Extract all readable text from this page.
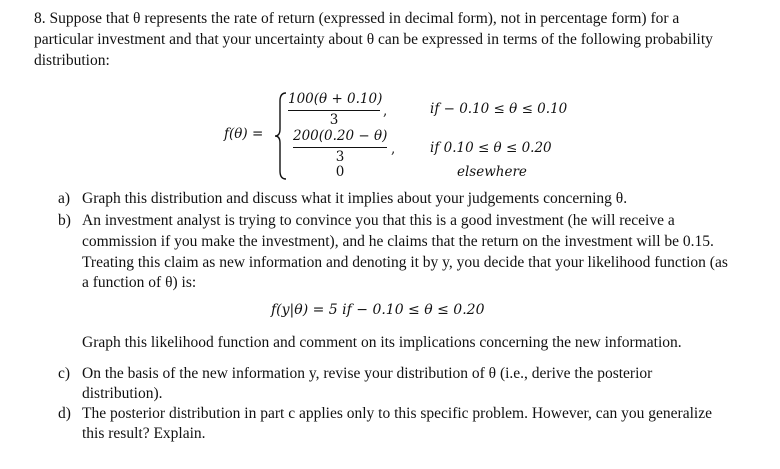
8. Suppose that θ represents the rate of return (expressed in decimal form), not in percentage form) for a
particular investment and that your uncertainty about θ can be expressed in terms of the following probability
distribution:
f(θ) =
100(θ + 0.10)
3
,	if − 0.10 ≤ θ ≤ 0.10
200(0.20 − θ)
3	,	if 0.10 ≤ θ ≤ 0.20
0	elsewhere
a) Graph this distribution and discuss what it implies about your judgements concerning θ.
b) An investment analyst is trying to convince you that this is a good investment (he will receive a
commission if you make the investment), and he claims that the return on the investment will be 0.15.
Treating this claim as new information and denoting it by y, you decide that your likelihood function (as
a function of θ) is:
f(y|θ) = 5 if − 0.10 ≤ θ ≤ 0.20
Graph this likelihood function and comment on its implications concerning the new information.
c) On the basis of the new information y, revise your distribution of θ (i.e., derive the posterior
distribution).
d) The posterior distribution in part c applies only to this specific problem. However, can you generalize
this result? Explain.
